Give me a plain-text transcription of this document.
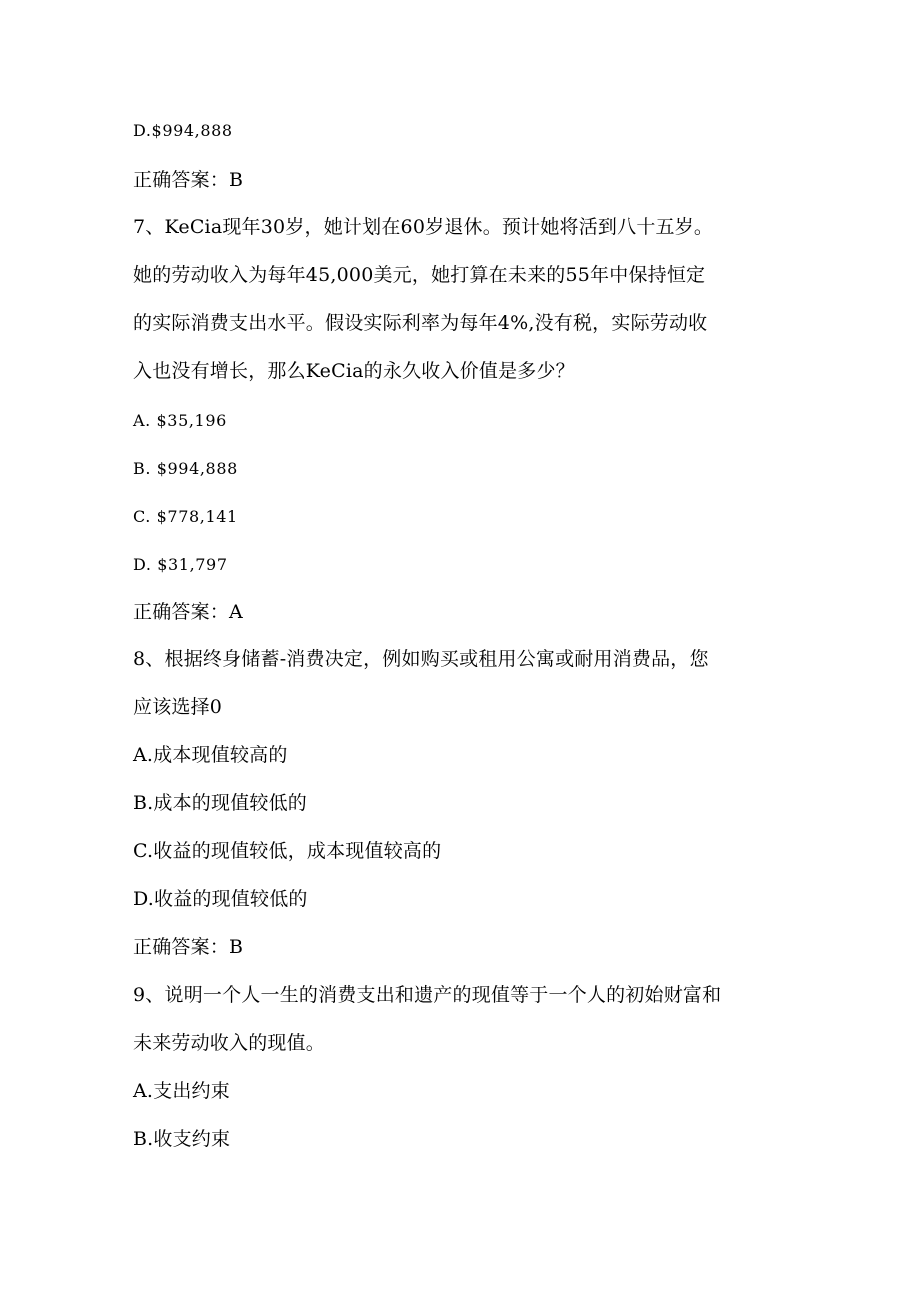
D.$994,888
正确答案：B
7、KeCia现年30岁，她计划在60岁退休。预计她将活到八十五岁。
她的劳动收入为每年45,000美元，她打算在未来的55年中保持恒定
的实际消费支出水平。假设实际利率为每年4%,没有税，实际劳动收
入也没有增长，那么KeCia的永久收入价值是多少？
A. $35,196
B. $994,888
C. $778,141
D. $31,797
正确答案：A
8、根据终身储蓄-消费决定，例如购买或租用公寓或耐用消费品，您
应该选择0
A.成本现值较高的
B.成本的现值较低的
C.收益的现值较低，成本现值较高的
D.收益的现值较低的
正确答案：B
9、说明一个人一生的消费支出和遗产的现值等于一个人的初始财富和
未来劳动收入的现值。
A.支出约束
B.收支约束
